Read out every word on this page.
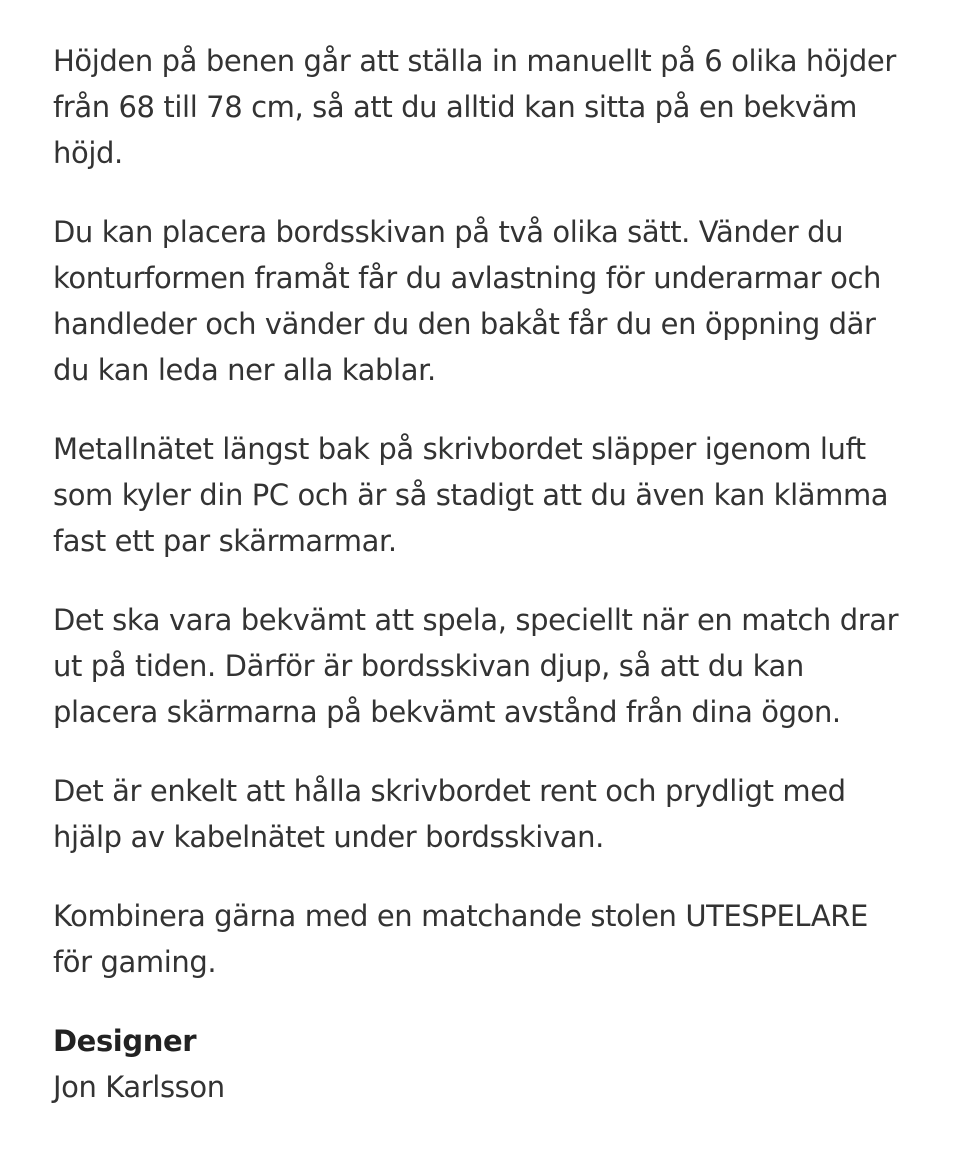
Höjden på benen går att ställa in manuellt på 6 olika höjder från 68 till 78 cm, så att du alltid kan sitta på en bekväm höjd.

Du kan placera bordsskivan på två olika sätt. Vänder du konturformen framåt får du avlastning för underarmar och handleder och vänder du den bakåt får du en öppning där du kan leda ner alla kablar.

Metallnätet längst bak på skrivbordet släpper igenom luft som kyler din PC och är så stadigt att du även kan klämma fast ett par skärmarmar.

Det ska vara bekvämt att spela, speciellt när en match drar ut på tiden. Därför är bordsskivan djup, så att du kan placera skärmarna på bekvämt avstånd från dina ögon.

Det är enkelt att hålla skrivbordet rent och prydligt med hjälp av kabelnätet under bordsskivan.

Kombinera gärna med en matchande stolen UTESPELARE för gaming.

Designer

Jon Karlsson
